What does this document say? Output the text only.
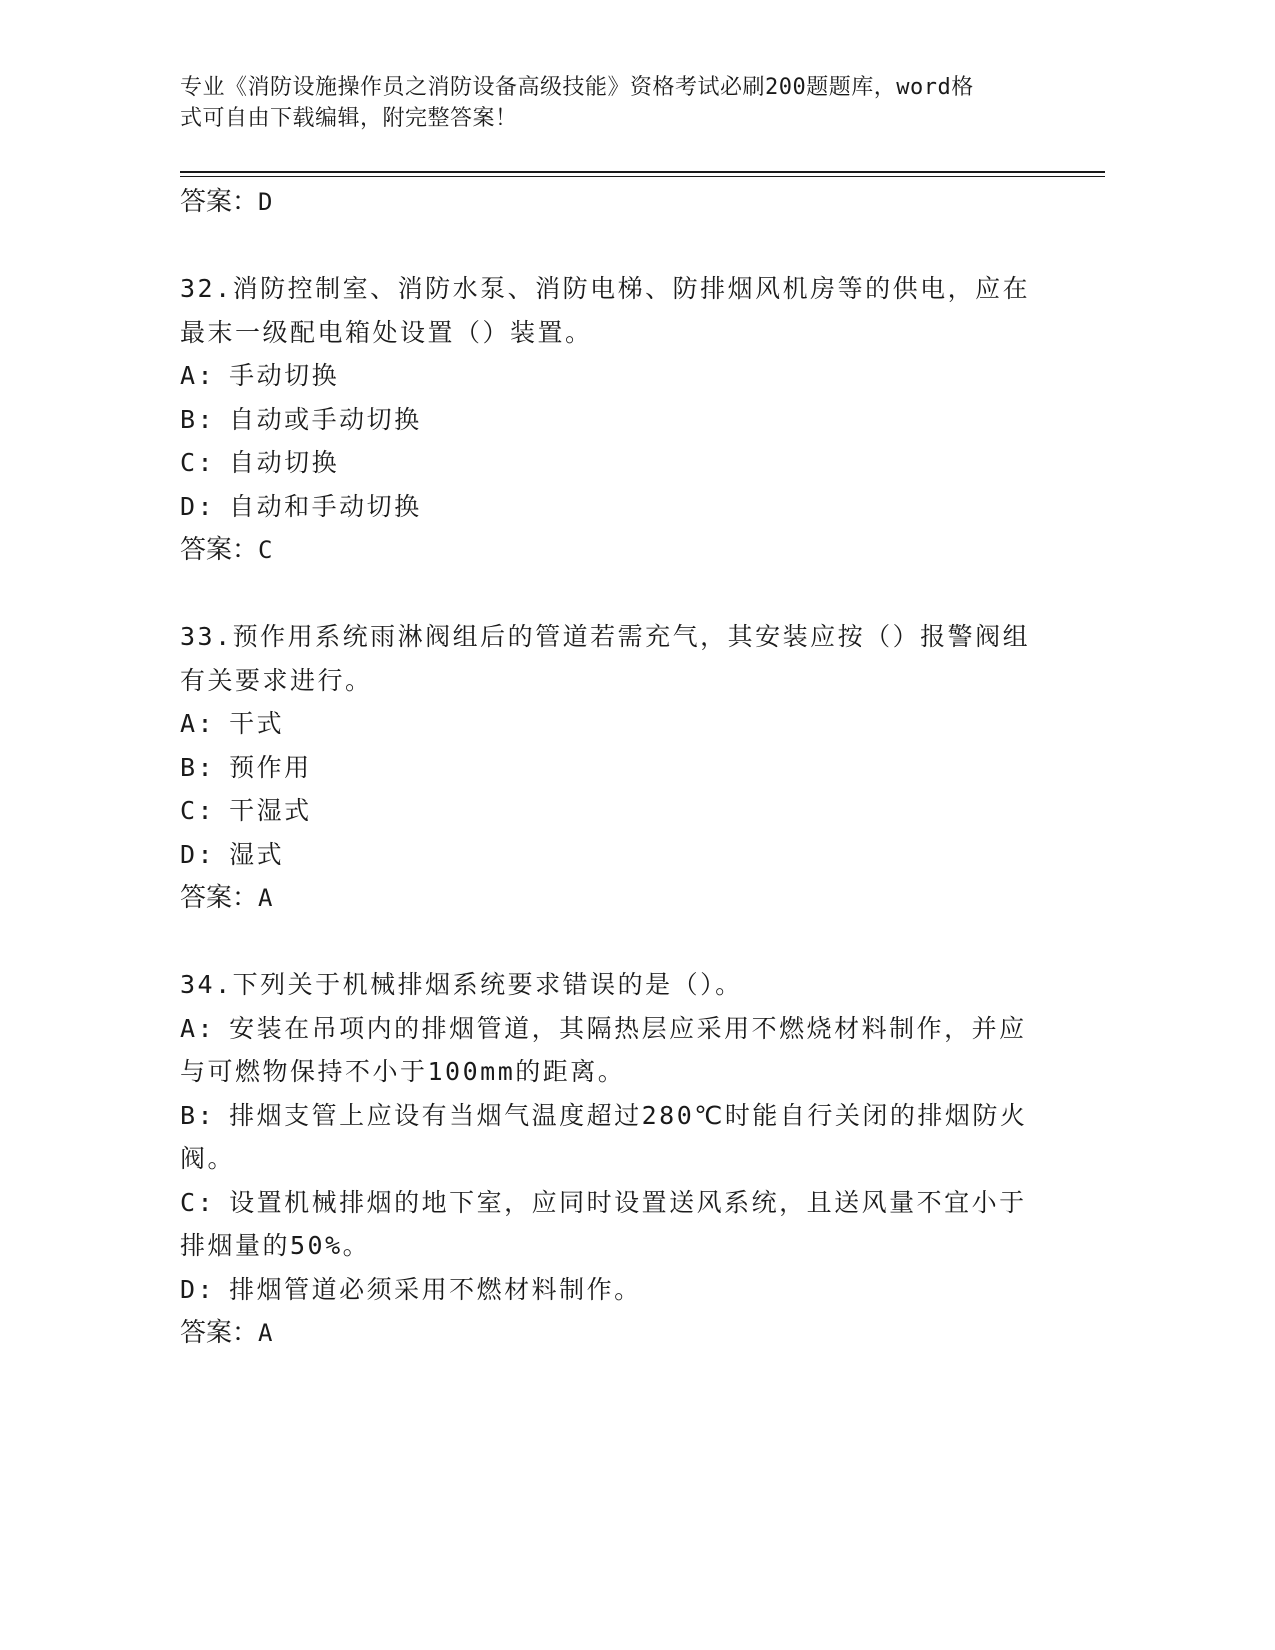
专业《消防设施操作员之消防设备高级技能》资格考试必刷200题题库，word格
式可自由下载编辑，附完整答案！
答案：D
32.消防控制室、消防水泵、消防电梯、防排烟风机房等的供电，应在
最末一级配电箱处设置（）装置。
A: 手动切换
B: 自动或手动切换
C: 自动切换
D: 自动和手动切换
答案：C
33.预作用系统雨淋阀组后的管道若需充气，其安装应按（）报警阀组
有关要求进行。
A: 干式
B: 预作用
C: 干湿式
D: 湿式
答案：A
34.下列关于机械排烟系统要求错误的是（）。
A: 安装在吊项内的排烟管道，其隔热层应采用不燃烧材料制作，并应
与可燃物保持不小于100mm的距离。
B: 排烟支管上应设有当烟气温度超过280℃时能自行关闭的排烟防火
阀。
C: 设置机械排烟的地下室，应同时设置送风系统，且送风量不宜小于
排烟量的50%。
D: 排烟管道必须采用不燃材料制作。
答案：A
